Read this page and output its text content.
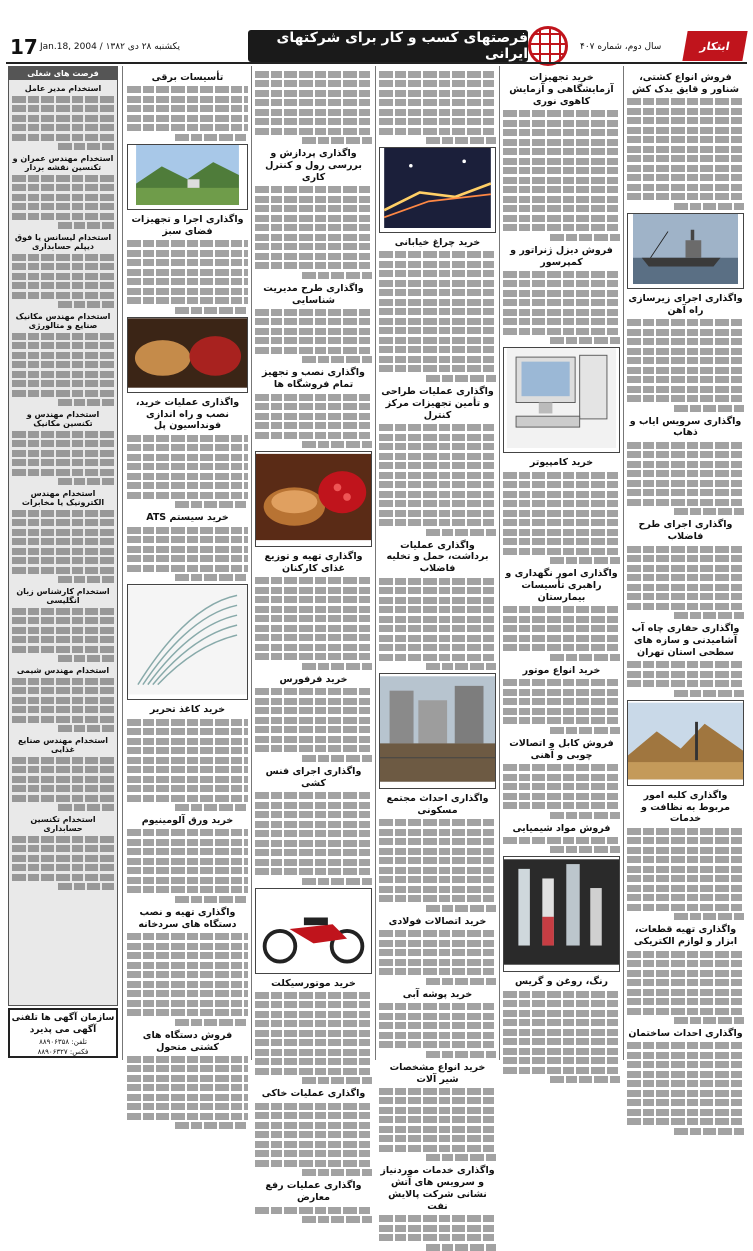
17 یکشنبه ۲۸ دی ۱۳۸۲ / Jan.18, 2004
فرصتهای کسب و کار برای شرکتهای ایرانی	سال دوم، شماره ۴۰۷	ابتکار
فروش انواع کشتی، شناور و قایق یدک کش
واگذاری اجرای زیرسازی راه آهن
واگذاری سرویس ایاب و ذهاب
واگذاری اجرای طرح فاضلاب
واگذاری حفاری چاه آب آشامیدنی و سازه های سطحی استان تهران
واگذاری کلیه امور مربوط به نظافت و خدمات
واگذاری تهیه قطعات، ابزار و لوازم الکتریکی
واگذاری احداث ساختمان
خرید تجهیزات آزمایشگاهی و آزمایش کاهوی نوری
فروش دیزل ژنراتور و کمپرسور
خرید کامپیوتر
واگذاری امور نگهداری و راهبری تأسیسات بیمارستان
خرید انواع موتور
فروش کابل و اتصالات چوبی و آهنی
فروش مواد شیمیایی
رنگ، روغن و گریس
خرید چراغ خیابانی
واگذاری عملیات طراحی و تأمین تجهیزات مرکز کنترل
واگذاری عملیات برداشت، حمل و تخلیه فاضلاب
واگذاری احداث مجتمع مسکونی
خرید اتصالات فولادی
خرید پوشه آبی
خرید انواع مشخصات شیر آلات
واگذاری خدمات موردنیاز و سرویس های آتش نشانی شرکت پالایش نفت
واگذاری پردازش و بررسی رول و کنترل کاری
واگذاری طرح مدیریت شناسایی
واگذاری نصب و تجهیز تمام فروشگاه ها
واگذاری تهیه و توزیع غذای کارکنان
خرید فرفورس
واگذاری اجرای فنس کشی
خرید موتورسیکلت
واگذاری عملیات خاکی
واگذاری عملیات رفع معارض
تأسیسات برقی
واگذاری اجرا و تجهیزات فضای سبز
واگذاری عملیات خرید، نصب و راه اندازی فونداسیون پل
خرید سیستم ATS
خرید کاغذ تحریر
خرید ورق آلومینیوم
واگذاری تهیه و نصب دستگاه های سردخانه
فروش دستگاه های کشتی متحول
فرصت های شغلی
استخدام مدیر عامل
استخدام مهندس عمران و تکنسین نقشه بردار
استخدام لیسانس یا فوق دیپلم حسابداری
استخدام مهندس مکانیک صنایع و متالورژی
استخدام مهندس و تکنسین مکانیک
استخدام مهندس الکترونیک یا مخابرات
استخدام کارشناس زبان انگلیسی
استخدام مهندس شیمی
استخدام مهندس صنایع غذایی
استخدام تکنسین حسابداری
سازمان آگهی ها تلفنی آگهی می پذیرد
تلفن: ۸۸۹۰۶۳۵۸
فکس: ۸۸۹۰۶۳۲۷
